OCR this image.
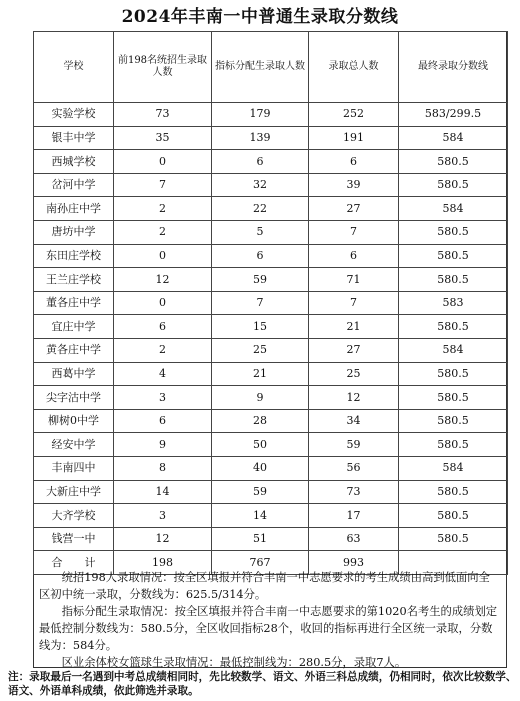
2024年丰南一中普通生录取分数线
学校	前198名统招生录取人数	指标分配生录取人数	录取总人数	最终录取分数线
实验学校	73	179	252	583/299.5
银丰中学	35	139	191	584
西城学校	0	6	6	580.5
岔河中学	7	32	39	580.5
南孙庄中学	2	22	27	584
唐坊中学	2	5	7	580.5
东田庄学校	0	6	6	580.5
王兰庄学校	12	59	71	580.5
董各庄中学	0	7	7	583
宜庄中学	6	15	21	580.5
黄各庄中学	2	25	27	584
西葛中学	4	21	25	580.5
尖字沽中学	3	9	12	580.5
柳树0中学	6	28	34	580.5
经安中学	9	50	59	580.5
丰南四中	8	40	56	584
大新庄中学	14	59	73	580.5
大齐学校	3	14	17	580.5
钱营一中	12	51	63	580.5
合　　计	198	767	993	

统招198人录取情况：按全区填报并符合丰南一中志愿要求的考生成绩由高到低面向全区初中统一录取，分数线为：625.5/314分。

指标分配生录取情况：按全区填报并符合丰南一中志愿要求的第1020名考生的成绩划定最低控制分数线为：580.5分，全区收回指标28个，收回的指标再进行全区统一录取，分数线为：584分。

区业余体校女篮球生录取情况：最低控制线为：280.5分，录取7人。

注：录取最后一名遇到中考总成绩相同时，先比较数学、语文、外语三科总成绩，仍相同时，依次比较数学、语文、外语单科成绩，依此筛选并录取。
